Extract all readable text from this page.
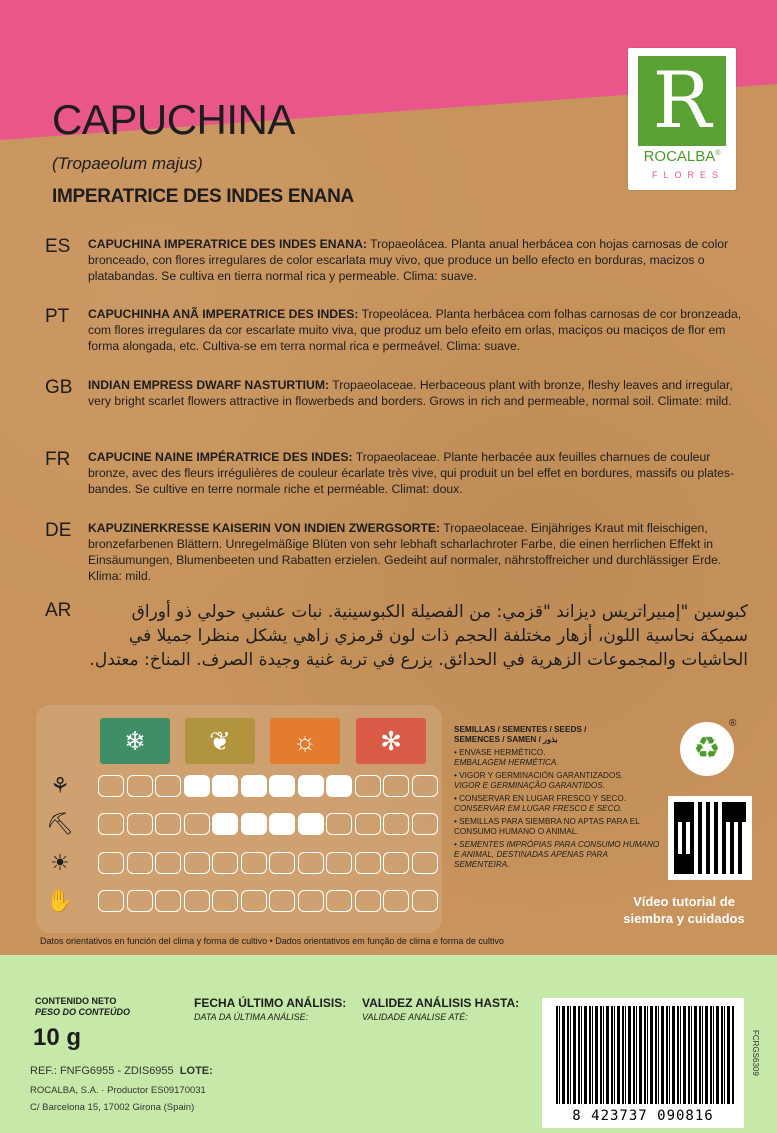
R
ROCALBA®
FLORES
CAPUCHINA
(Tropaeolum majus)
IMPERATRICE DES INDES ENANA
ES CAPUCHINA IMPERATRICE DES INDES ENANA: Tropaeolácea. Planta anual herbácea con hojas carnosas de color bronceado, con flores irregulares de color escarlata muy vivo, que produce un bello efecto en borduras, macizos o platabandas. Se cultiva en tierra normal rica y permeable. Clima: suave.
PT CAPUCHINHA ANÃ IMPERATRICE DES INDES: Tropeolácea. Planta herbácea com folhas carnosas de cor bronzeada, com flores irregulares da cor escarlate muito viva, que produz um belo efeito em orlas, maciços ou maciços de flor em forma alongada, etc. Cultiva-se em terra normal rica e permeável. Clima: suave.
GB INDIAN EMPRESS DWARF NASTURTIUM: Tropaeolaceae. Herbaceous plant with bronze, fleshy leaves and irregular, very bright scarlet flowers attractive in flowerbeds and borders. Grows in rich and permeable, normal soil. Climate: mild.
FR CAPUCINE NAINE IMPÉRATRICE DES INDES: Tropaeolaceae. Plante herbacée aux feuilles charnues de couleur bronze, avec des fleurs irrégulières de couleur écarlate très vive, qui produit un bel effet en bordures, massifs ou plates-bandes. Se cultive en terre normale riche et perméable. Climat: doux.
DE KAPUZINERKRESSE KAISERIN VON INDIEN ZWERGSORTE: Tropaeolaceae. Einjähriges Kraut mit fleischigen, bronzefarbenen Blättern. Unregelmäßige Blüten von sehr lebhaft scharlachroter Farbe, die einen herrlichen Effekt in Einsäumungen, Blumenbeeten und Rabatten erzielen. Gedeiht auf normaler, nährstoffreicher und durchlässiger Erde. Klima: mild.
AR	كبوسين "إمبيراتريس ديزاند "قزمي: من الفصيلة الكبوسينية. نبات عشبي حولي ذو أوراق سميكة نحاسية اللون، أزهار مختلفة الحجم ذات لون قرمزي زاهي يشكل منظرا جميلا في الحاشيات والمجموعات الزهرية في الحدائق. يزرع في تربة غنية وجيدة الصرف. المناخ: معتدل.
❄	❦	☼	✻
⚘
⛏
☀
✋
SEMILLAS / SEMENTES / SEEDS /
SEMENCES / SAMEN / بذور
• ENVASE HERMÉTICO.
EMBALAGEM HERMÉTICA.
• VIGOR Y GERMINACIÓN GARANTIZADOS.
VIGOR E GERMINAÇÃO GARANTIDOS.
• CONSERVAR EN LUGAR FRESCO Y SECO.
CONSERVAR EM LUGAR FRESCO E SECO.
• SEMILLAS PARA SIEMBRA NO APTAS PARA EL CONSUMO HUMANO O ANIMAL.
• SEMENTES IMPRÓPIAS PARA CONSUMO HUMANO E ANIMAL, DESTINADAS APENAS PARA SEMENTEIRA.
♻
®
Vídeo tutorial de
siembra y cuidados
Datos orientativos en función del clima y forma de cultivo • Dados orientativos em função de clima e forma de cultivo
CONTENIDO NETO
PESO DO CONTEÚDO
10 g
FECHA ÚLTIMO ANÁLISIS:
DATA DA ÚLTIMA ANÁLISE:
VALIDEZ ANÁLISIS HASTA:
VALIDADE ANALISE ATÉ:
REF.: FNFG6955 - ZDIS6955 LOTE:
ROCALBA, S.A. · Productor ES09170031
C/ Barcelona 15, 17002 Girona (Spain)
8 423737 090816
FCRGS6309
